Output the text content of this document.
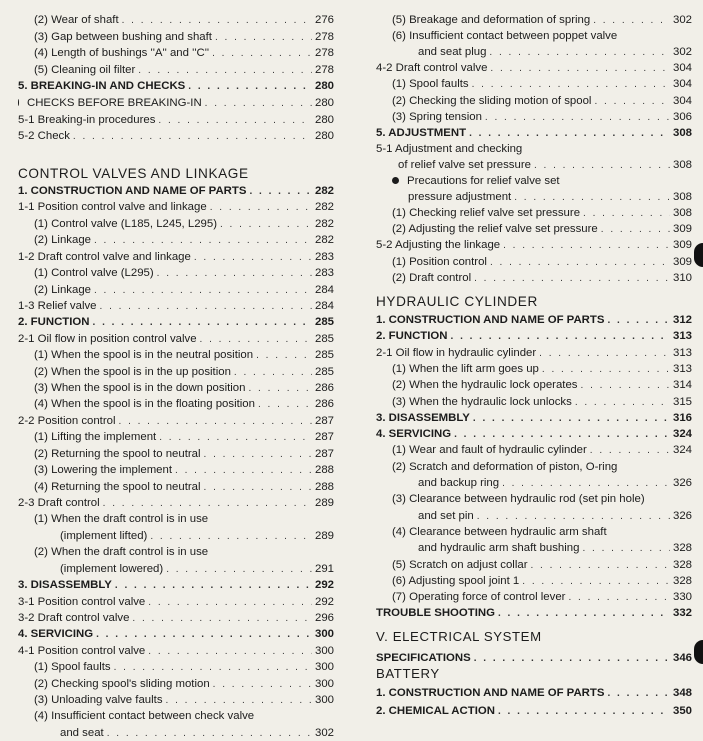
(2) Wear of shaft . . .	276
(3) Gap between bushing and shaft . . .	278
(4) Length of bushings ''A'' and ''C'' . . .	278
(5) Cleaning oil filter . . .	278
5. BREAKING-IN AND CHECKS . . .	280
CHECKS BEFORE BREAKING-IN . . .	280
5-1 Breaking-in procedures . . .	280
5-2 Check . . .	280
CONTROL VALVES AND LINKAGE
1. CONSTRUCTION AND NAME OF PARTS . . .	282
1-1 Position control valve and linkage . . .	282
(1) Control valve (L185, L245, L295) . . .	282
(2) Linkage . . .	282
1-2 Draft control valve and linkage . . .	283
(1) Control valve (L295) . . .	283
(2) Linkage . . .	284
1-3 Relief valve . . .	284
2. FUNCTION . . .	285
2-1 Oil flow in position control valve . . .	285
(1) When the spool is in the neutral position . . .	285
(2) When the spool is in the up position . . .	285
(3) When the spool is in the down position . . .	286
(4) When the spool is in the floating position . . .	286
2-2 Position control . . .	287
(1) Lifting the implement . . .	287
(2) Returning the spool to neutral . . .	287
(3) Lowering the implement . . .	288
(4) Returning the spool to neutral . . .	288
2-3 Draft control . . .	289
(1) When the draft control is in use
(implement lifted) . . .	289
(2) When the draft control is in use
(implement lowered) . . .	291
3. DISASSEMBLY . . .	292
3-1 Position control valve . . .	292
3-2 Draft control valve . . .	296
4. SERVICING . . .	300
4-1 Position control valve . . .	300
(1) Spool faults . . .	300
(2) Checking spool's sliding motion . . .	300
(3) Unloading valve faults . . .	300
(4) Insufficient contact between check valve
and seat . . .	302
(5) Breakage and deformation of spring . . .	302
(6) Insufficient contact between poppet valve
and seat plug . . .	302
4-2 Draft control valve . . .	304
(1) Spool faults . . .	304
(2) Checking the sliding motion of spool . . .	304
(3) Spring tension . . .	306
5. ADJUSTMENT . . .	308
5-1 Adjustment and checking
of relief valve set pressure . . .	308
Precautions for relief valve set
pressure adjustment . . .	308
(1) Checking relief valve set pressure . . .	308
(2) Adjusting the relief valve set pressure . . .	309
5-2 Adjusting the linkage . . .	309
(1) Position control . . .	309
(2) Draft control . . .	310
HYDRAULIC CYLINDER
1. CONSTRUCTION AND NAME OF PARTS . . .	312
2. FUNCTION . . .	313
2-1 Oil flow in hydraulic cylinder . . .	313
(1) When the lift arm goes up . . .	313
(2) When the hydraulic lock operates . . .	314
(3) When the hydraulic lock unlocks . . .	315
3. DISASSEMBLY . . .	316
4. SERVICING . . .	324
(1) Wear and fault of hydraulic cylinder . . .	324
(2) Scratch and deformation of piston, O-ring
and backup ring . . .	326
(3) Clearance between hydraulic rod (set pin hole)
and set pin . . .	326
(4) Clearance between hydraulic arm shaft
and hydraulic arm shaft bushing . . .	328
(5) Scratch on adjust collar . . .	328
(6) Adjusting spool joint 1 . . .	328
(7) Operating force of control lever . . .	330
TROUBLE SHOOTING . . .	332
V. ELECTRICAL SYSTEM
SPECIFICATIONS . . .	346
BATTERY
1. CONSTRUCTION AND NAME OF PARTS . . .	348
2. CHEMICAL ACTION . . .	350
